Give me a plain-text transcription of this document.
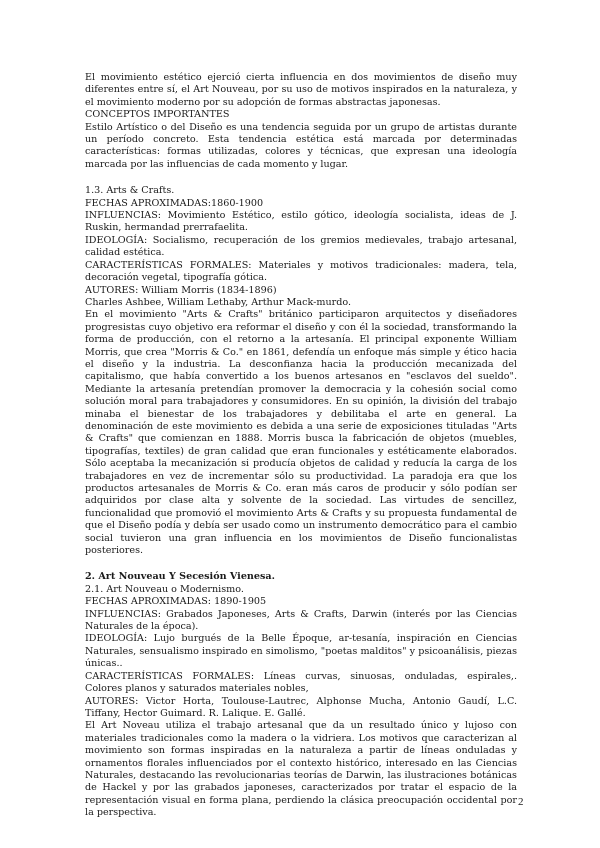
El movimiento estético ejerció cierta influencia en dos movimientos de diseño muy diferentes entre sí, el Art Nouveau, por su uso de motivos inspirados en la naturaleza, y el movimiento moderno por su adopción de formas abstractas japonesas.

CONCEPTOS IMPORTANTES

Estilo Artístico o del Diseño es una tendencia seguida por un grupo de artistas durante un período concreto. Esta tendencia estética está marcada por determinadas características: formas utilizadas, colores y técnicas, que expresan una ideología marcada por las influencias de cada momento y lugar.

1.3. Arts & Crafts.

FECHAS APROXIMADAS:1860-1900

INFLUENCIAS: Movimiento Estético, estilo gótico, ideología socialista, ideas de J. Ruskin, hermandad prerrafaelita.

IDEOLOGÍA: Socialismo, recuperación de los gremios medievales, trabajo artesanal, calidad estética.

CARACTERÍSTICAS FORMALES: Materiales y motivos tradicionales: madera, tela, decoración vegetal, tipografía gótica.

AUTORES: William Morris (1834-1896)

Charles Ashbee, William Lethaby, Arthur Mack-murdo.

En el movimiento "Arts & Crafts" británico participaron arquitectos y diseñadores progresistas cuyo objetivo era reformar el diseño y con él la sociedad, transformando la forma de producción, con el retorno a la artesanía. El principal exponente William Morris, que crea "Morris & Co." en 1861, defendía un enfoque más simple y ético hacia el diseño y la industria. La desconfianza hacia la producción mecanizada del capitalismo, que había convertido a los buenos artesanos en "esclavos del sueldo". Mediante la artesanía pretendían promover la democracia y la cohesión social como solución moral para trabajadores y consumidores. En su opinión, la división del trabajo minaba el bienestar de los trabajadores y debilitaba el arte en general. La denominación de este movimiento es debida a una serie de exposiciones tituladas "Arts & Crafts" que comienzan en 1888. Morris busca la fabricación de objetos (muebles, tipografías, textiles) de gran calidad que eran funcionales y estéticamente elaborados. Sólo aceptaba la mecanización si producía objetos de calidad y reducía la carga de los trabajadores en vez de incrementar sólo su productividad. La paradoja era que los productos artesanales de Morris & Co. eran más caros de producir y sólo podían ser adquiridos por clase alta y solvente de la sociedad. Las virtudes de sencillez, funcionalidad que promovió el movimiento Arts & Crafts y su propuesta fundamental de que el Diseño podía y debía ser usado como un instrumento democrático para el cambio social tuvieron una gran influencia en los movimientos de Diseño funcionalistas posteriores.

2. Art Nouveau Y Secesión Vienesa.

2.1. Art Nouveau o Modernismo.

FECHAS APROXIMADAS: 1890-1905

INFLUENCIAS: Grabados Japoneses, Arts & Crafts, Darwin (interés por las Ciencias Naturales de la época).

IDEOLOGÍA: Lujo burgués de la Belle Époque, ar-tesanía, inspiración en Ciencias Naturales, sensualismo inspirado en simolismo, "poetas malditos" y psicoanálisis, piezas únicas..

CARACTERÍSTICAS FORMALES: Líneas curvas, sinuosas, onduladas, espirales,. Colores planos y saturados materiales nobles,

AUTORES: Victor Horta, Toulouse-Lautrec, Alphonse Mucha, Antonio Gaudí, L.C. Tiffany, Hector Guimard. R. Lalique. E. Gallé.

El Art Noveau utiliza el trabajo artesanal que da un resultado único y lujoso con materiales tradicionales como la madera o la vidriera. Los motivos que caracterizan al movimiento son formas inspiradas en la naturaleza a partir de líneas onduladas y ornamentos florales influenciados por el contexto histórico, interesado en las Ciencias Naturales, destacando las revolucionarias teorías de Darwin, las ilustraciones botánicas de Hackel y por las grabados japoneses, caracterizados por tratar el espacio de la representación visual en forma plana, perdiendo la clásica preocupación occidental por la perspectiva.

2
